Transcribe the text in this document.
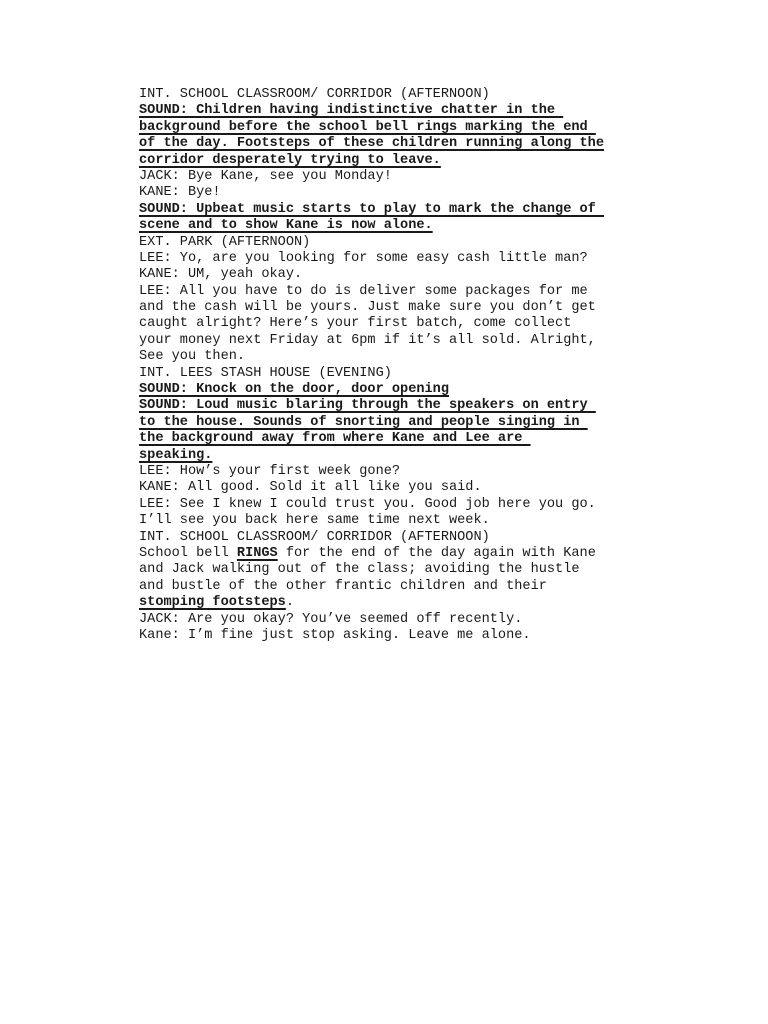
INT. SCHOOL CLASSROOM/ CORRIDOR (AFTERNOON)
SOUND: Children having indistinctive chatter in the
background before the school bell rings marking the end
of the day. Footsteps of these children running along the
corridor desperately trying to leave.
JACK: Bye Kane, see you Monday!
KANE: Bye!
SOUND: Upbeat music starts to play to mark the change of
scene and to show Kane is now alone.
EXT. PARK (AFTERNOON)
LEE: Yo, are you looking for some easy cash little man?
KANE: UM, yeah okay.
LEE: All you have to do is deliver some packages for me
and the cash will be yours. Just make sure you don’t get
caught alright? Here’s your first batch, come collect
your money next Friday at 6pm if it’s all sold. Alright,
See you then.
INT. LEES STASH HOUSE (EVENING)
SOUND: Knock on the door, door opening
SOUND: Loud music blaring through the speakers on entry
to the house. Sounds of snorting and people singing in
the background away from where Kane and Lee are
speaking.
LEE: How’s your first week gone?
KANE: All good. Sold it all like you said.
LEE: See I knew I could trust you. Good job here you go.
I’ll see you back here same time next week.
INT. SCHOOL CLASSROOM/ CORRIDOR (AFTERNOON)
School bell RINGS for the end of the day again with Kane
and Jack walking out of the class; avoiding the hustle
and bustle of the other frantic children and their
stomping footsteps.
JACK: Are you okay? You’ve seemed off recently.
Kane: I’m fine just stop asking. Leave me alone.
